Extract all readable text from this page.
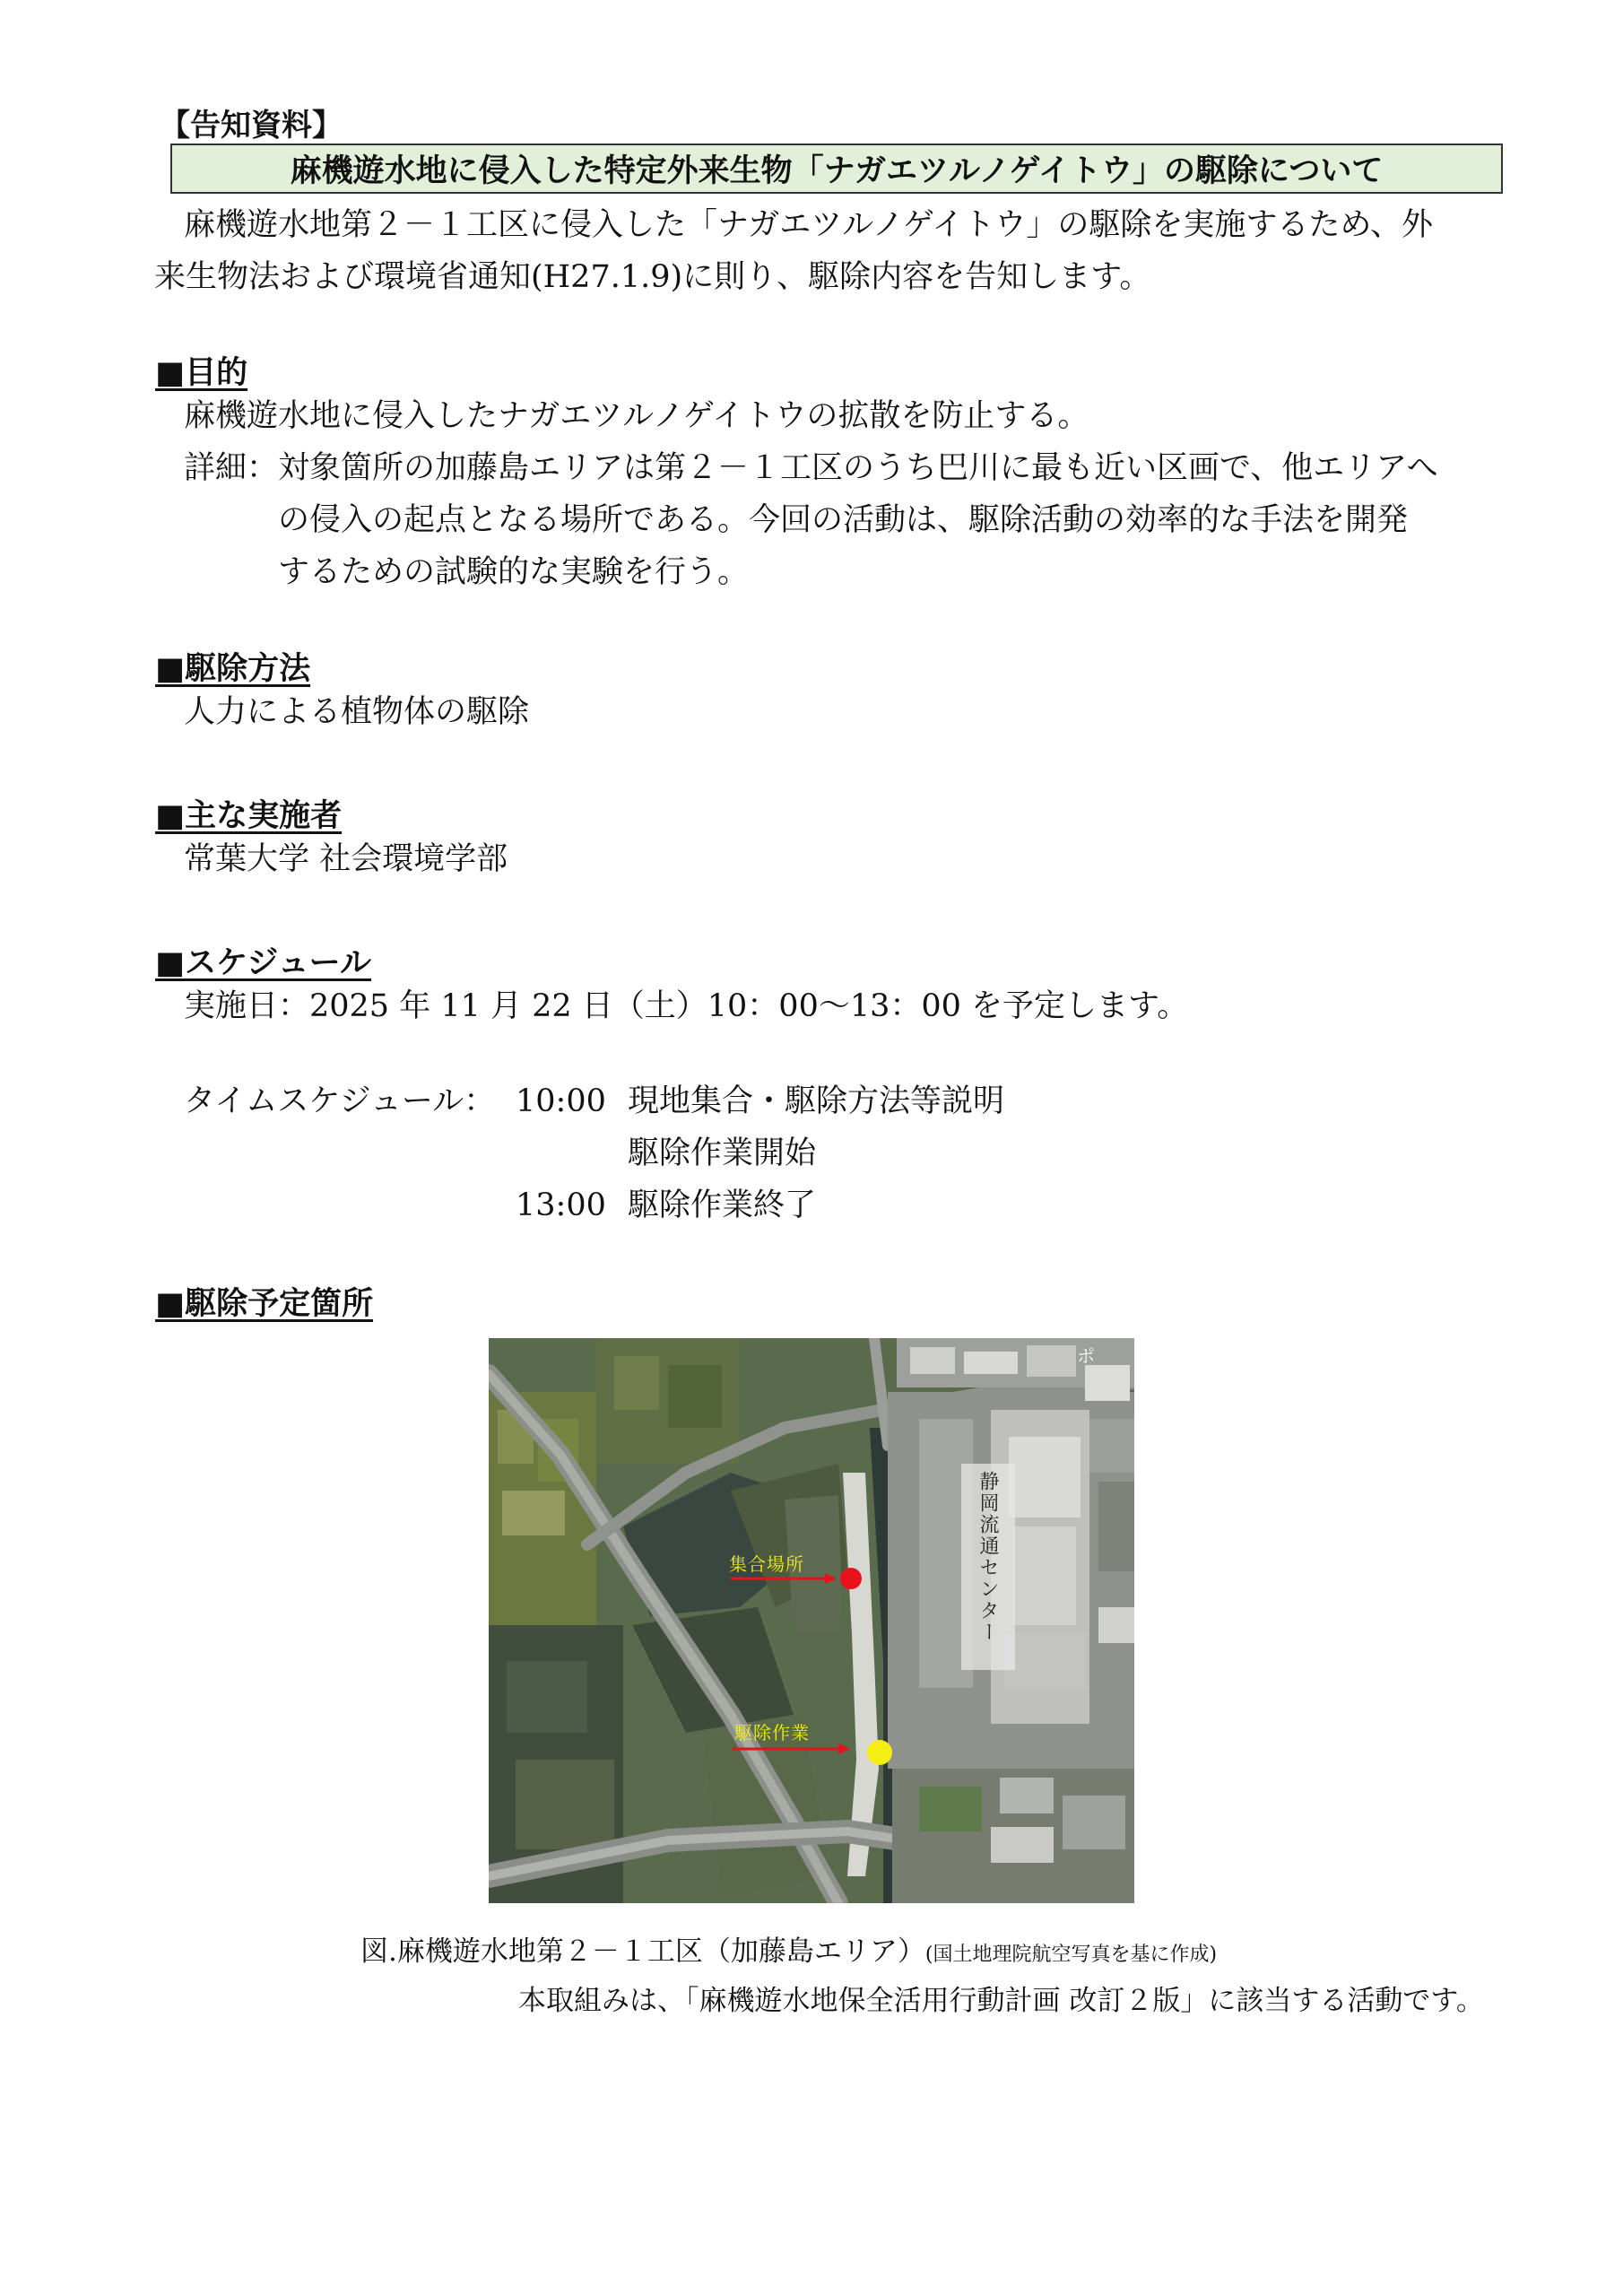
【告知資料】
麻機遊水地に侵入した特定外来生物「ナガエツルノゲイトウ」の駆除について
麻機遊水地第２－１工区に侵入した「ナガエツルノゲイトウ」の駆除を実施するため、外
来生物法および環境省通知(H27.1.9)に則り、駆除内容を告知します。
■目的
麻機遊水地に侵入したナガエツルノゲイトウの拡散を防止する。
詳細： 対象箇所の加藤島エリアは第２－１工区のうち巴川に最も近い区画で、他エリアへ
の侵入の起点となる場所である。今回の活動は、駆除活動の効率的な手法を開発
するための試験的な実験を行う。
■駆除方法
人力による植物体の駆除
■主な実施者
常葉大学 社会環境学部
■スケジュール
実施日：2025 年 11 月 22 日（土）10：00～13：00 を予定します。
タイムスケジュール： 10:00 現地集合・駆除方法等説明
駆除作業開始
13:00 駆除作業終了
■駆除予定箇所
静岡流通センター
集合場所
駆除作業
ポ
図.麻機遊水地第２－１工区（加藤島エリア）(国土地理院航空写真を基に作成)
本取組みは、「麻機遊水地保全活用行動計画 改訂２版」に該当する活動です。
